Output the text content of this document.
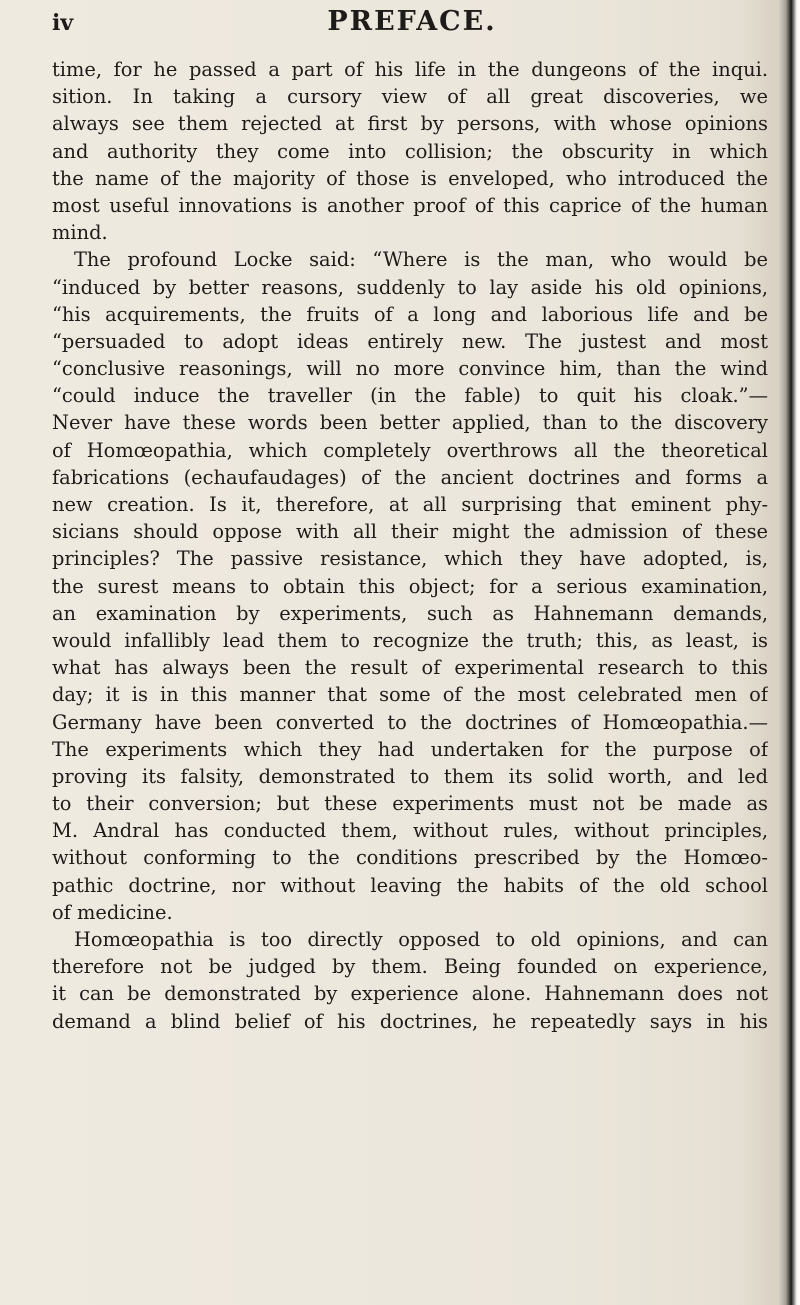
iv	PREFACE.
time, for he passed a part of his life in the dungeons of the inqui.
sition. In taking a cursory view of all great discoveries, we
always see them rejected at first by persons, with whose opinions
and authority they come into collision; the obscurity in which
the name of the majority of those is enveloped, who introduced the
most useful innovations is another proof of this caprice of the human
mind.
The profound Locke said: “Where is the man, who would be
“induced by better reasons, suddenly to lay aside his old opinions,
“his acquirements, the fruits of a long and laborious life and be
“persuaded to adopt ideas entirely new. The justest and most
“conclusive reasonings, will no more convince him, than the wind
“could induce the traveller (in the fable) to quit his cloak.”—
Never have these words been better applied, than to the discovery
of Homœopathia, which completely overthrows all the theoretical
fabrications (echaufaudages) of the ancient doctrines and forms a
new creation. Is it, therefore, at all surprising that eminent phy-
sicians should oppose with all their might the admission of these
principles? The passive resistance, which they have adopted, is,
the surest means to obtain this object; for a serious examination,
an examination by experiments, such as Hahnemann demands,
would infallibly lead them to recognize the truth; this, as least, is
what has always been the result of experimental research to this
day; it is in this manner that some of the most celebrated men of
Germany have been converted to the doctrines of Homœopathia.—
The experiments which they had undertaken for the purpose of
proving its falsity, demonstrated to them its solid worth, and led
to their conversion; but these experiments must not be made as
M. Andral has conducted them, without rules, without principles,
without conforming to the conditions prescribed by the Homœo-
pathic doctrine, nor without leaving the habits of the old school
of medicine.
Homœopathia is too directly opposed to old opinions, and can
therefore not be judged by them. Being founded on experience,
it can be demonstrated by experience alone. Hahnemann does not
demand a blind belief of his doctrines, he repeatedly says in his
